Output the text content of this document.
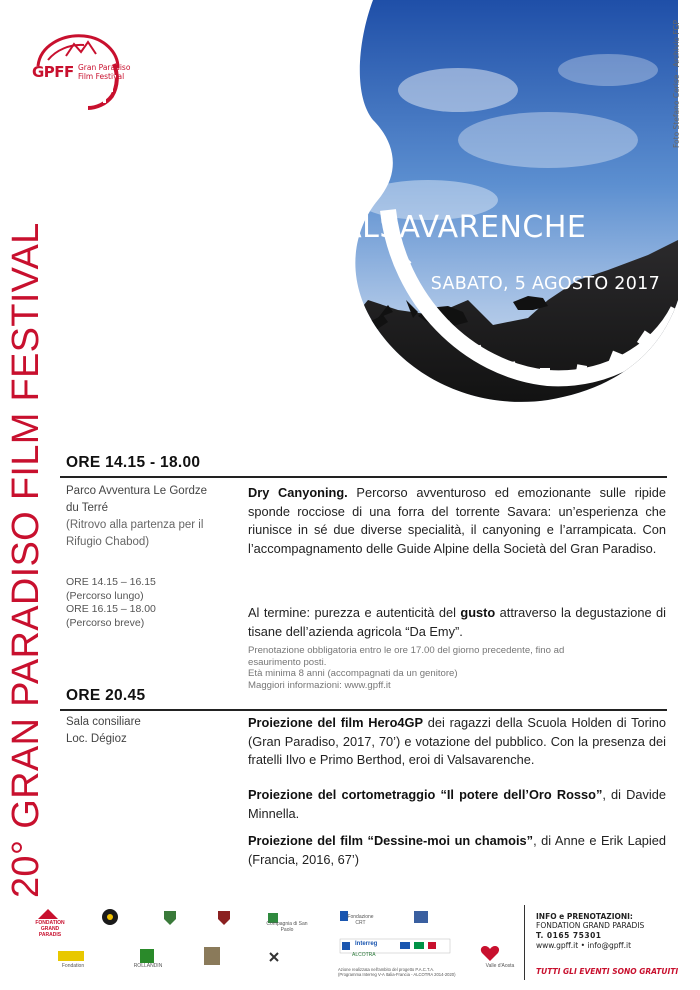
VALSAVARENCHE
SABATO, 5 AGOSTO 2017
Foto Stefano Cerise - Archivio FGP
GPFF Gran Paradiso
Film Festival
20° GRAN PARADISO FILM FESTIVAL ORE 14.15 - 18.00
Parco Avventura Le Gordze
du Terré
(Ritrovo alla partenza per il
Rifugio Chabod)
ORE 14.15 – 16.15
(Percorso lungo)
ORE 16.15 – 18.00
(Percorso breve)
Dry Canyoning. Percorso avventuroso ed emozionante sulle ripide sponde rocciose di una forra del torrente Savara: un’esperienza che riunisce in sé due diverse specialità, il canyoning e l’arrampicata. Con l’accompagnamento delle Guide Alpine della Società del Gran Paradiso.
Al termine: purezza e autenticità del gusto attraverso la degustazione di tisane dell’azienda agricola “Da Emy”.
Prenotazione obbligatoria entro le ore 17.00 del giorno precedente, fino ad
esaurimento posti.
Età minima 8 anni (accompagnati da un genitore)
Maggiori informazioni: www.gpff.it
ORE 20.45
Sala consiliare
Loc. Dégioz
Proiezione del film Hero4GP dei ragazzi della Scuola Holden di Torino (Gran Paradiso, 2017, 70’) e votazione del pubblico. Con la presenza dei fratelli Ilvo e Primo Berthod, eroi di Valsavarenche.
Proiezione del cortometraggio “Il potere dell’Oro Rosso”, di Davide Minnella.
Proiezione del film “Dessine-moi un chamois”, di Anne e Erik Lapied (Francia, 2016, 67’)
FONDATION GRAND PARADIS
Compagnia di San Paolo
Fondazione CRT
Interreg
ALCOTRA
Azione realizzata nell'ambito del progetto P.A.C.T.A.
(Programma Interreg V-A Italia-Francia - ALCOTRA 2014-2020)
Fondation	ROLLANDIN	Valle d'Aosta
INFO e PRENOTAZIONI:
FONDATION GRAND PARADIS
T. 0165 75301
www.gpff.it • info@gpff.it
TUTTI GLI EVENTI SONO GRATUITI
